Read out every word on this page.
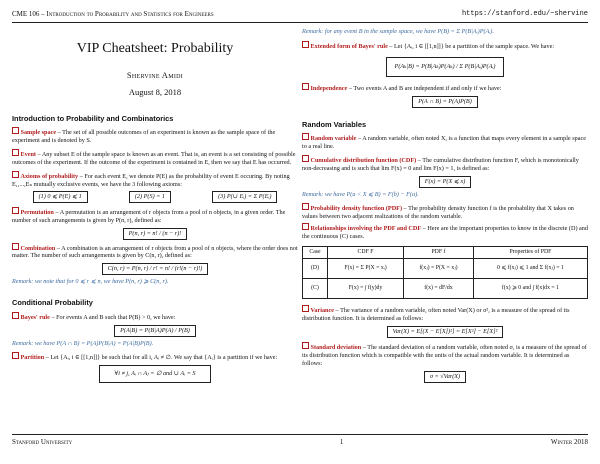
CME 106 – Introduction to Probability and Statistics for Engineers	https://stanford.edu/~shervine
Stanford University	1	Winter 2018
VIP Cheatsheet: Probability
Shervine Amidi
August 8, 2018
Introduction to Probability and Combinatorics

Sample space – The set of all possible outcomes of an experiment is known as the sample space of the experiment and is denoted by S.

Event – Any subset E of the sample space is known as an event. That is, an event is a set consisting of possible outcomes of the experiment. If the outcome of the experiment is contained in E, then we say that E has occurred.

Axioms of probability – For each event E, we denote P(E) as the probability of event E occuring. By noting E₁,...,Eₙ mutually exclusive events, we have the 3 following axioms:

(1) 0 ⩽ P(E) ⩽ 1	(2) P(S) = 1	(3) P(∪ Eᵢ) = Σ P(Eᵢ)

Permutation – A permutation is an arrangement of r objects from a pool of n objects, in a given order. The number of such arrangements is given by P(n, r), defined as:

P(n, r) = n! / (n − r)!

Combination – A combination is an arrangement of r objects from a pool of n objects, where the order does not matter. The number of such arrangements is given by C(n, r), defined as:

C(n, r) = P(n, r) / r! = n! / (r!(n − r)!)

Remark: we note that for 0 ⩽ r ⩽ n, we have P(n, r) ⩾ C(n, r).

Conditional Probability

Bayes' rule – For events A and B such that P(B) > 0, we have:

P(A|B) = P(B|A)P(A) / P(B)

Remark: we have P(A ∩ B) = P(A)P(B|A) = P(A|B)P(B).

Partition – Let {Aᵢ, i ∈ [[1,n]]} be such that for all i, Aᵢ ≠ ∅. We say that {Aᵢ} is a partition if we have:

∀i ≠ j, Aᵢ ∩ Aⱼ = ∅ and ∪ Aᵢ = S

Remark: for any event B in the sample space, we have P(B) = Σ P(B|Aᵢ)P(Aᵢ).

Extended form of Bayes' rule – Let {Aᵢ, i ∈ [[1,n]]} be a partition of the sample space. We have:

P(Aₖ|B) = P(B|Aₖ)P(Aₖ) / Σ P(B|Aᵢ)P(Aᵢ)

Independence – Two events A and B are independent if and only if we have:

P(A ∩ B) = P(A)P(B)
Random Variables

Random variable – A random variable, often noted X, is a function that maps every element in a sample space to a real line.

Cumulative distribution function (CDF) – The cumulative distribution function F, which is monotonically non-decreasing and is such that lim F(x) = 0 and lim F(x) = 1, is defined as:

F(x) = P(X ⩽ x)

Remark: we have P(a < X ⩽ B) = F(b) − F(a).

Probability density function (PDF) – The probability density function f is the probability that X takes on values between two adjacent realizations of the random variable.

Relationships involving the PDF and CDF – Here are the important properties to know in the discrete (D) and the continuous (C) cases.

Case	CDF F	PDF f	Properties of PDF
(D)	F(x) = Σ P(X = xᵢ)	f(xⱼ) = P(X = xⱼ)	0 ⩽ f(xⱼ) ⩽ 1 and Σ f(xⱼ) = 1
(C)	F(x) = ∫ f(y)dy	f(x) = dF/dx	f(x) ⩾ 0 and ∫ f(x)dx = 1

Variance – The variance of a random variable, often noted Var(X) or σ², is a measure of the spread of its distribution function. It is determined as follows:

Var(X) = E[(X − E[X])²] = E[X²] − E[X]²

Standard deviation – The standard deviation of a random variable, often noted σ, is a measure of the spread of its distribution function which is compatible with the units of the actual random variable. It is determined as follows:

σ = √Var(X)
